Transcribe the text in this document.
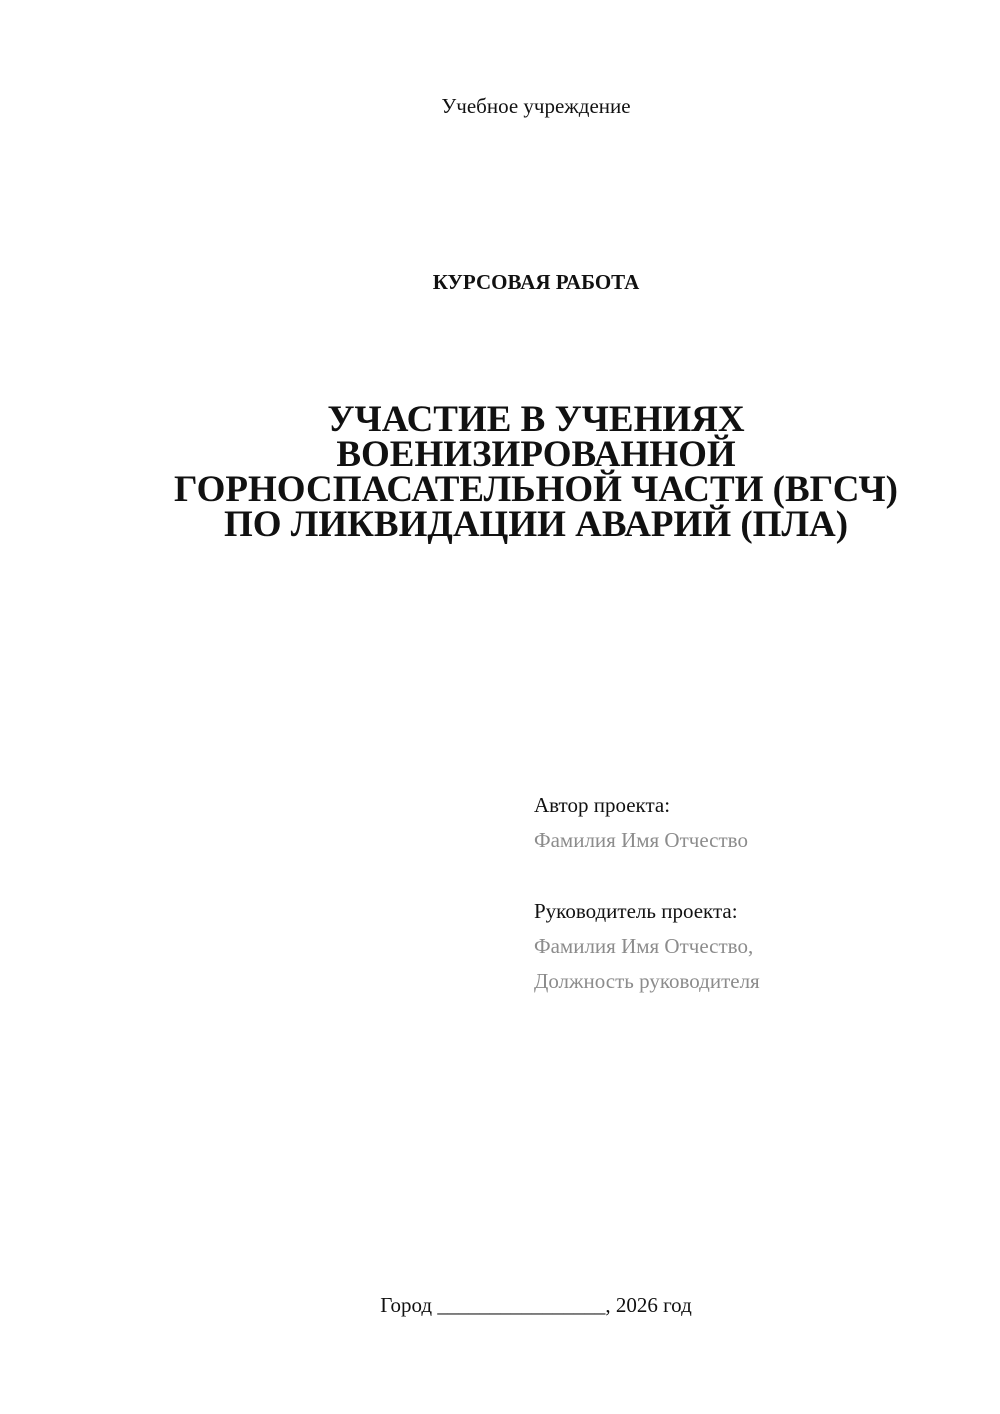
Учебное учреждение
КУРСОВАЯ РАБОТА
УЧАСТИЕ В УЧЕНИЯХ
ВОЕНИЗИРОВАННОЙ
ГОРНОСПАСАТЕЛЬНОЙ ЧАСТИ (ВГСЧ)
ПО ЛИКВИДАЦИИ АВАРИЙ (ПЛА)
Автор проекта:
Фамилия Имя Отчество
Руководитель проекта:
Фамилия Имя Отчество,
Должность руководителя
Город ________________, 2026 год
